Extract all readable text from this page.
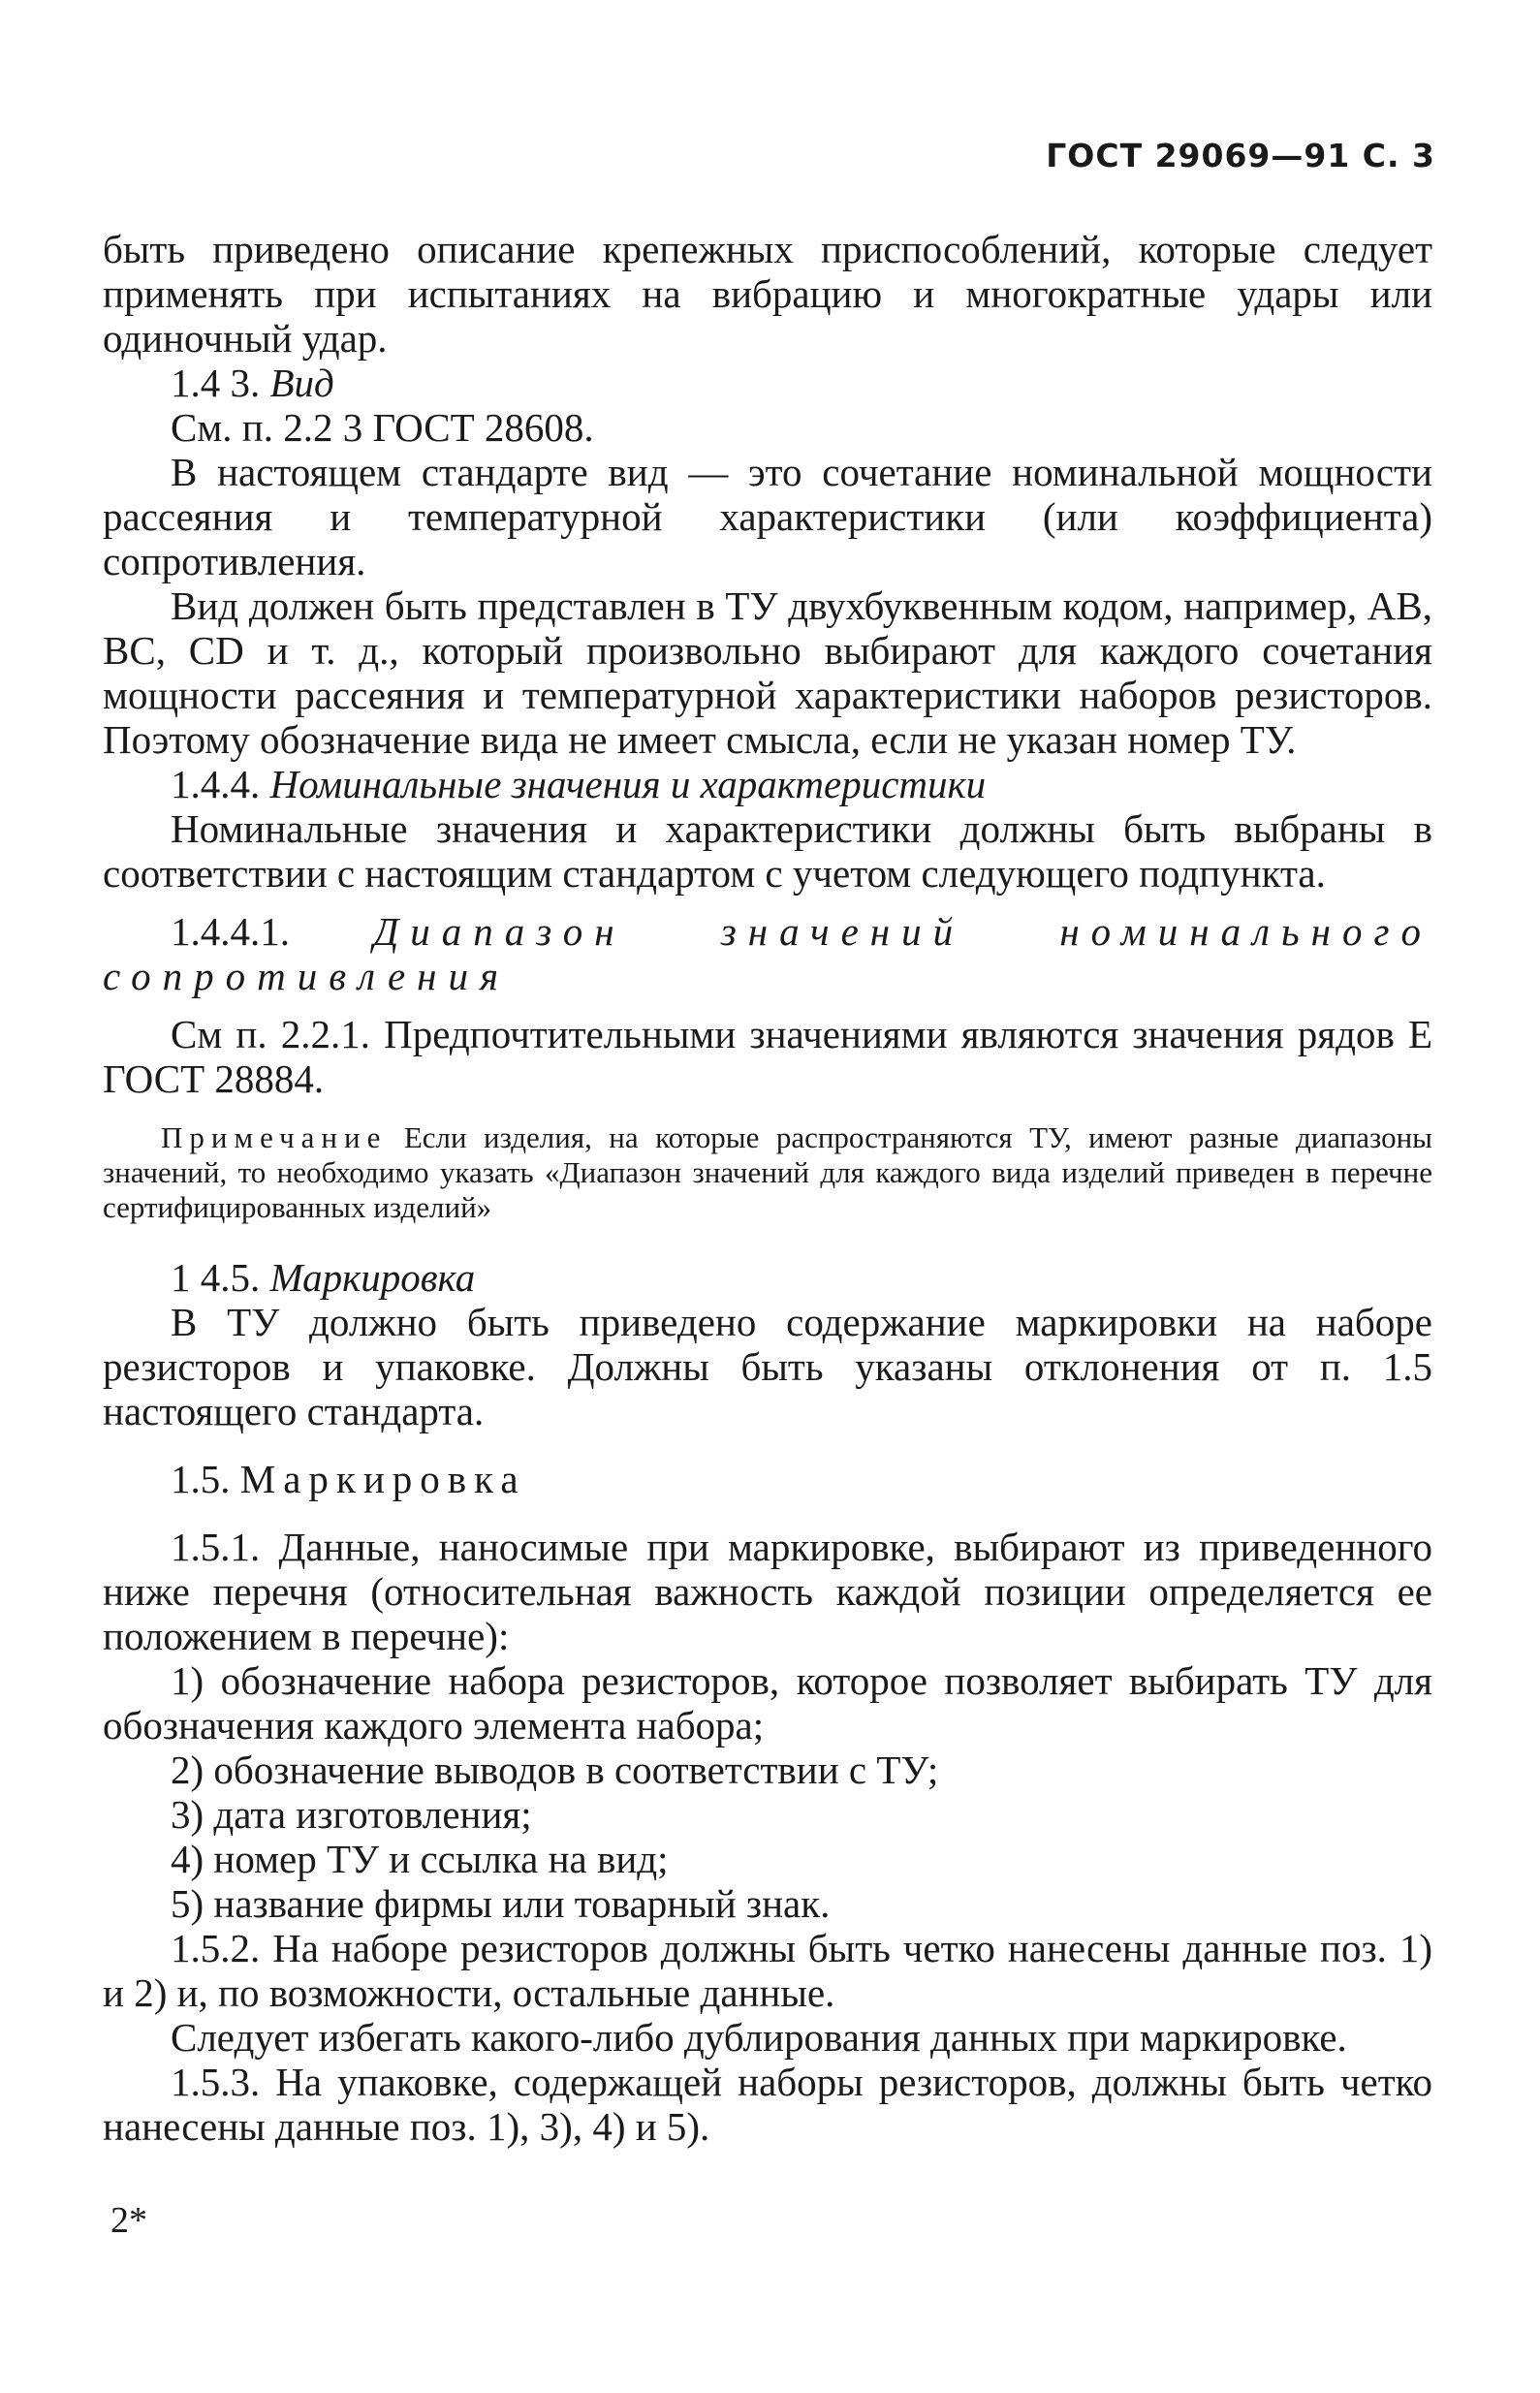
ГОСТ 29069—91 С. 3

быть приведено описание крепежных приспособлений, которые следует применять при испытаниях на вибрацию и многократные удары или одиночный удар.

1.4 3. Вид

См. п. 2.2 3 ГОСТ 28608.

В настоящем стандарте вид — это сочетание номинальной мощности рассеяния и температурной характеристики (или коэффициента) сопротивления.

Вид должен быть представлен в ТУ двухбуквенным кодом, например, АВ, ВС, CD и т. д., который произвольно выбирают для каждого сочетания мощности рассеяния и температурной характеристики наборов резисторов. Поэтому обозначение вида не имеет смысла, если не указан номер ТУ.

1.4.4. Номинальные значения и характеристики

Номинальные значения и характеристики должны быть выбраны в соответствии с настоящим стандартом с учетом следующего подпункта.

1.4.4.1. Диапазон значений номинального сопротивления

См п. 2.2.1. Предпочтительными значениями являются значения рядов Е ГОСТ 28884.

Примечание Если изделия, на которые распространяются ТУ, имеют разные диапазоны значений, то необходимо указать «Диапазон значений для каждого вида изделий приведен в перечне сертифицированных изделий»

1 4.5. Маркировка

В ТУ должно быть приведено содержание маркировки на наборе резисторов и упаковке. Должны быть указаны отклонения от п. 1.5 настоящего стандарта.

1.5. Маркировка

1.5.1. Данные, наносимые при маркировке, выбирают из приведенного ниже перечня (относительная важность каждой позиции определяется ее положением в перечне):

1) обозначение набора резисторов, которое позволяет выбирать ТУ для обозначения каждого элемента набора;

2) обозначение выводов в соответствии с ТУ;

3) дата изготовления;

4) номер ТУ и ссылка на вид;

5) название фирмы или товарный знак.

1.5.2. На наборе резисторов должны быть четко нанесены данные поз. 1) и 2) и, по возможности, остальные данные.

Следует избегать какого-либо дублирования данных при маркировке.

1.5.3. На упаковке, содержащей наборы резисторов, должны быть четко нанесены данные поз. 1), 3), 4) и 5).

2*
